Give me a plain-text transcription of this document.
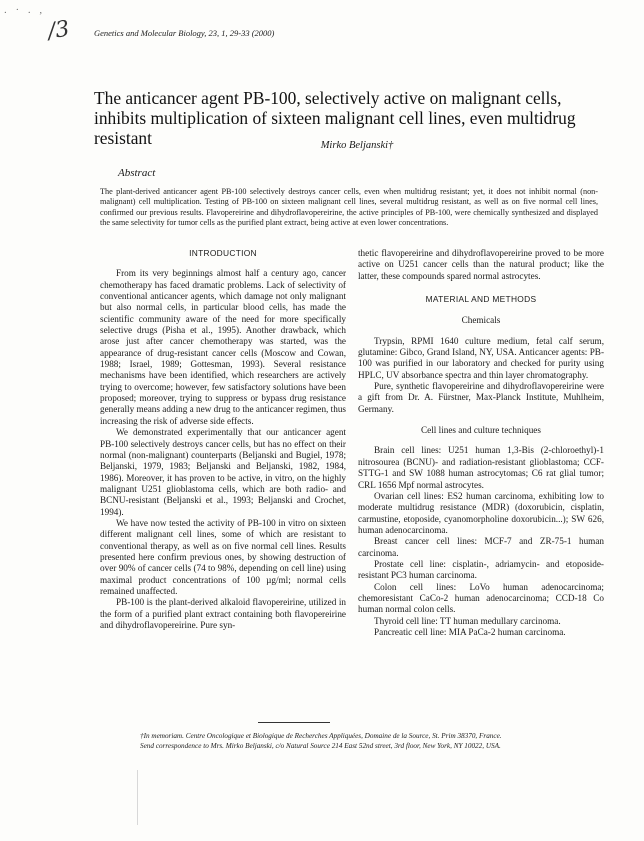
. · . ,
/3	Genetics and Molecular Biology, 23, 1, 29-33 (2000)
The anticancer agent PB-100, selectively active on malignant cells, inhibits multiplication of sixteen malignant cell lines, even multidrug resistant	Mirko Beljanski†
Abstract

The plant-derived anticancer agent PB-100 selectively destroys cancer cells, even when multidrug resistant; yet, it does not inhibit normal (non-malignant) cell multiplication. Testing of PB-100 on sixteen malignant cell lines, several multidrug resistant, as well as on five normal cell lines, confirmed our previous results. Flavopereirine and dihydroflavopereirine, the active principles of PB-100, were chemically synthesized and displayed the same selectivity for tumor cells as the purified plant extract, being active at even lower concentrations.

INTRODUCTION

From its very beginnings almost half a century ago, cancer chemotherapy has faced dramatic problems. Lack of selectivity of conventional anticancer agents, which damage not only malignant but also normal cells, in particular blood cells, has made the scientific community aware of the need for more specifically selective drugs (Pisha et al., 1995). Another drawback, which arose just after cancer chemotherapy was started, was the appearance of drug-resistant cancer cells (Moscow and Cowan, 1988; Israel, 1989; Gottesman, 1993). Several resistance mechanisms have been identified, which researchers are actively trying to overcome; however, few satisfactory solutions have been proposed; moreover, trying to suppress or bypass drug resistance generally means adding a new drug to the anticancer regimen, thus increasing the risk of adverse side effects.

We demonstrated experimentally that our anticancer agent PB-100 selectively destroys cancer cells, but has no effect on their normal (non-malignant) counterparts (Beljanski and Bugiel, 1978; Beljanski, 1979, 1983; Beljanski and Beljanski, 1982, 1984, 1986). Moreover, it has proven to be active, in vitro, on the highly malignant U251 glioblastoma cells, which are both radio- and BCNU-resistant (Beljanski et al., 1993; Beljanski and Crochet, 1994).

We have now tested the activity of PB-100 in vitro on sixteen different malignant cell lines, some of which are resistant to conventional therapy, as well as on five normal cell lines. Results presented here confirm previous ones, by showing destruction of over 90% of cancer cells (74 to 98%, depending on cell line) using maximal product concentrations of 100 µg/ml; normal cells remained unaffected.

PB-100 is the plant-derived alkaloid flavopereirine, utilized in the form of a purified plant extract containing both flavopereirine and dihydroflavopereirine. Pure syn-

thetic flavopereirine and dihydroflavopereirine proved to be more active on U251 cancer cells than the natural product; like the latter, these compounds spared normal astrocytes.

MATERIAL AND METHODS
Chemicals

Trypsin, RPMI 1640 culture medium, fetal calf serum, glutamine: Gibco, Grand Island, NY, USA. Anticancer agents: PB-100 was purified in our laboratory and checked for purity using HPLC, UV absorbance spectra and thin layer chromatography.

Pure, synthetic flavopereirine and dihydroflavopereirine were a gift from Dr. A. Fürstner, Max-Planck Institute, Muhlheim, Germany.

Cell lines and culture techniques

Brain cell lines: U251 human 1,3-Bis (2-chloroethyl)-1 nitrosourea (BCNU)- and radiation-resistant glioblastoma; CCF-STTG-1 and SW 1088 human astrocytomas; C6 rat glial tumor; CRL 1656 Mpf normal astrocytes.

Ovarian cell lines: ES2 human carcinoma, exhibiting low to moderate multidrug resistance (MDR) (doxorubicin, cisplatin, carmustine, etoposide, cyanomorpholine doxorubicin...); SW 626, human adenocarcinoma.

Breast cancer cell lines: MCF-7 and ZR-75-1 human carcinoma.

Prostate cell line: cisplatin-, adriamycin- and etoposide-resistant PC3 human carcinoma.

Colon cell lines: LoVo human adenocarcinoma; chemoresistant CaCo-2 human adenocarcinoma; CCD-18 Co human normal colon cells.

Thyroid cell line: TT human medullary carcinoma.

Pancreatic cell line: MIA PaCa-2 human carcinoma.

†In memoriam. Centre Oncologique et Biologique de Recherches Appliquées, Domaine de la Source, St. Prim 38370, France.
Send correspondence to Mrs. Mirko Beljanski, c/o Natural Source 214 East 52nd street, 3rd floor, New York, NY 10022, USA.
